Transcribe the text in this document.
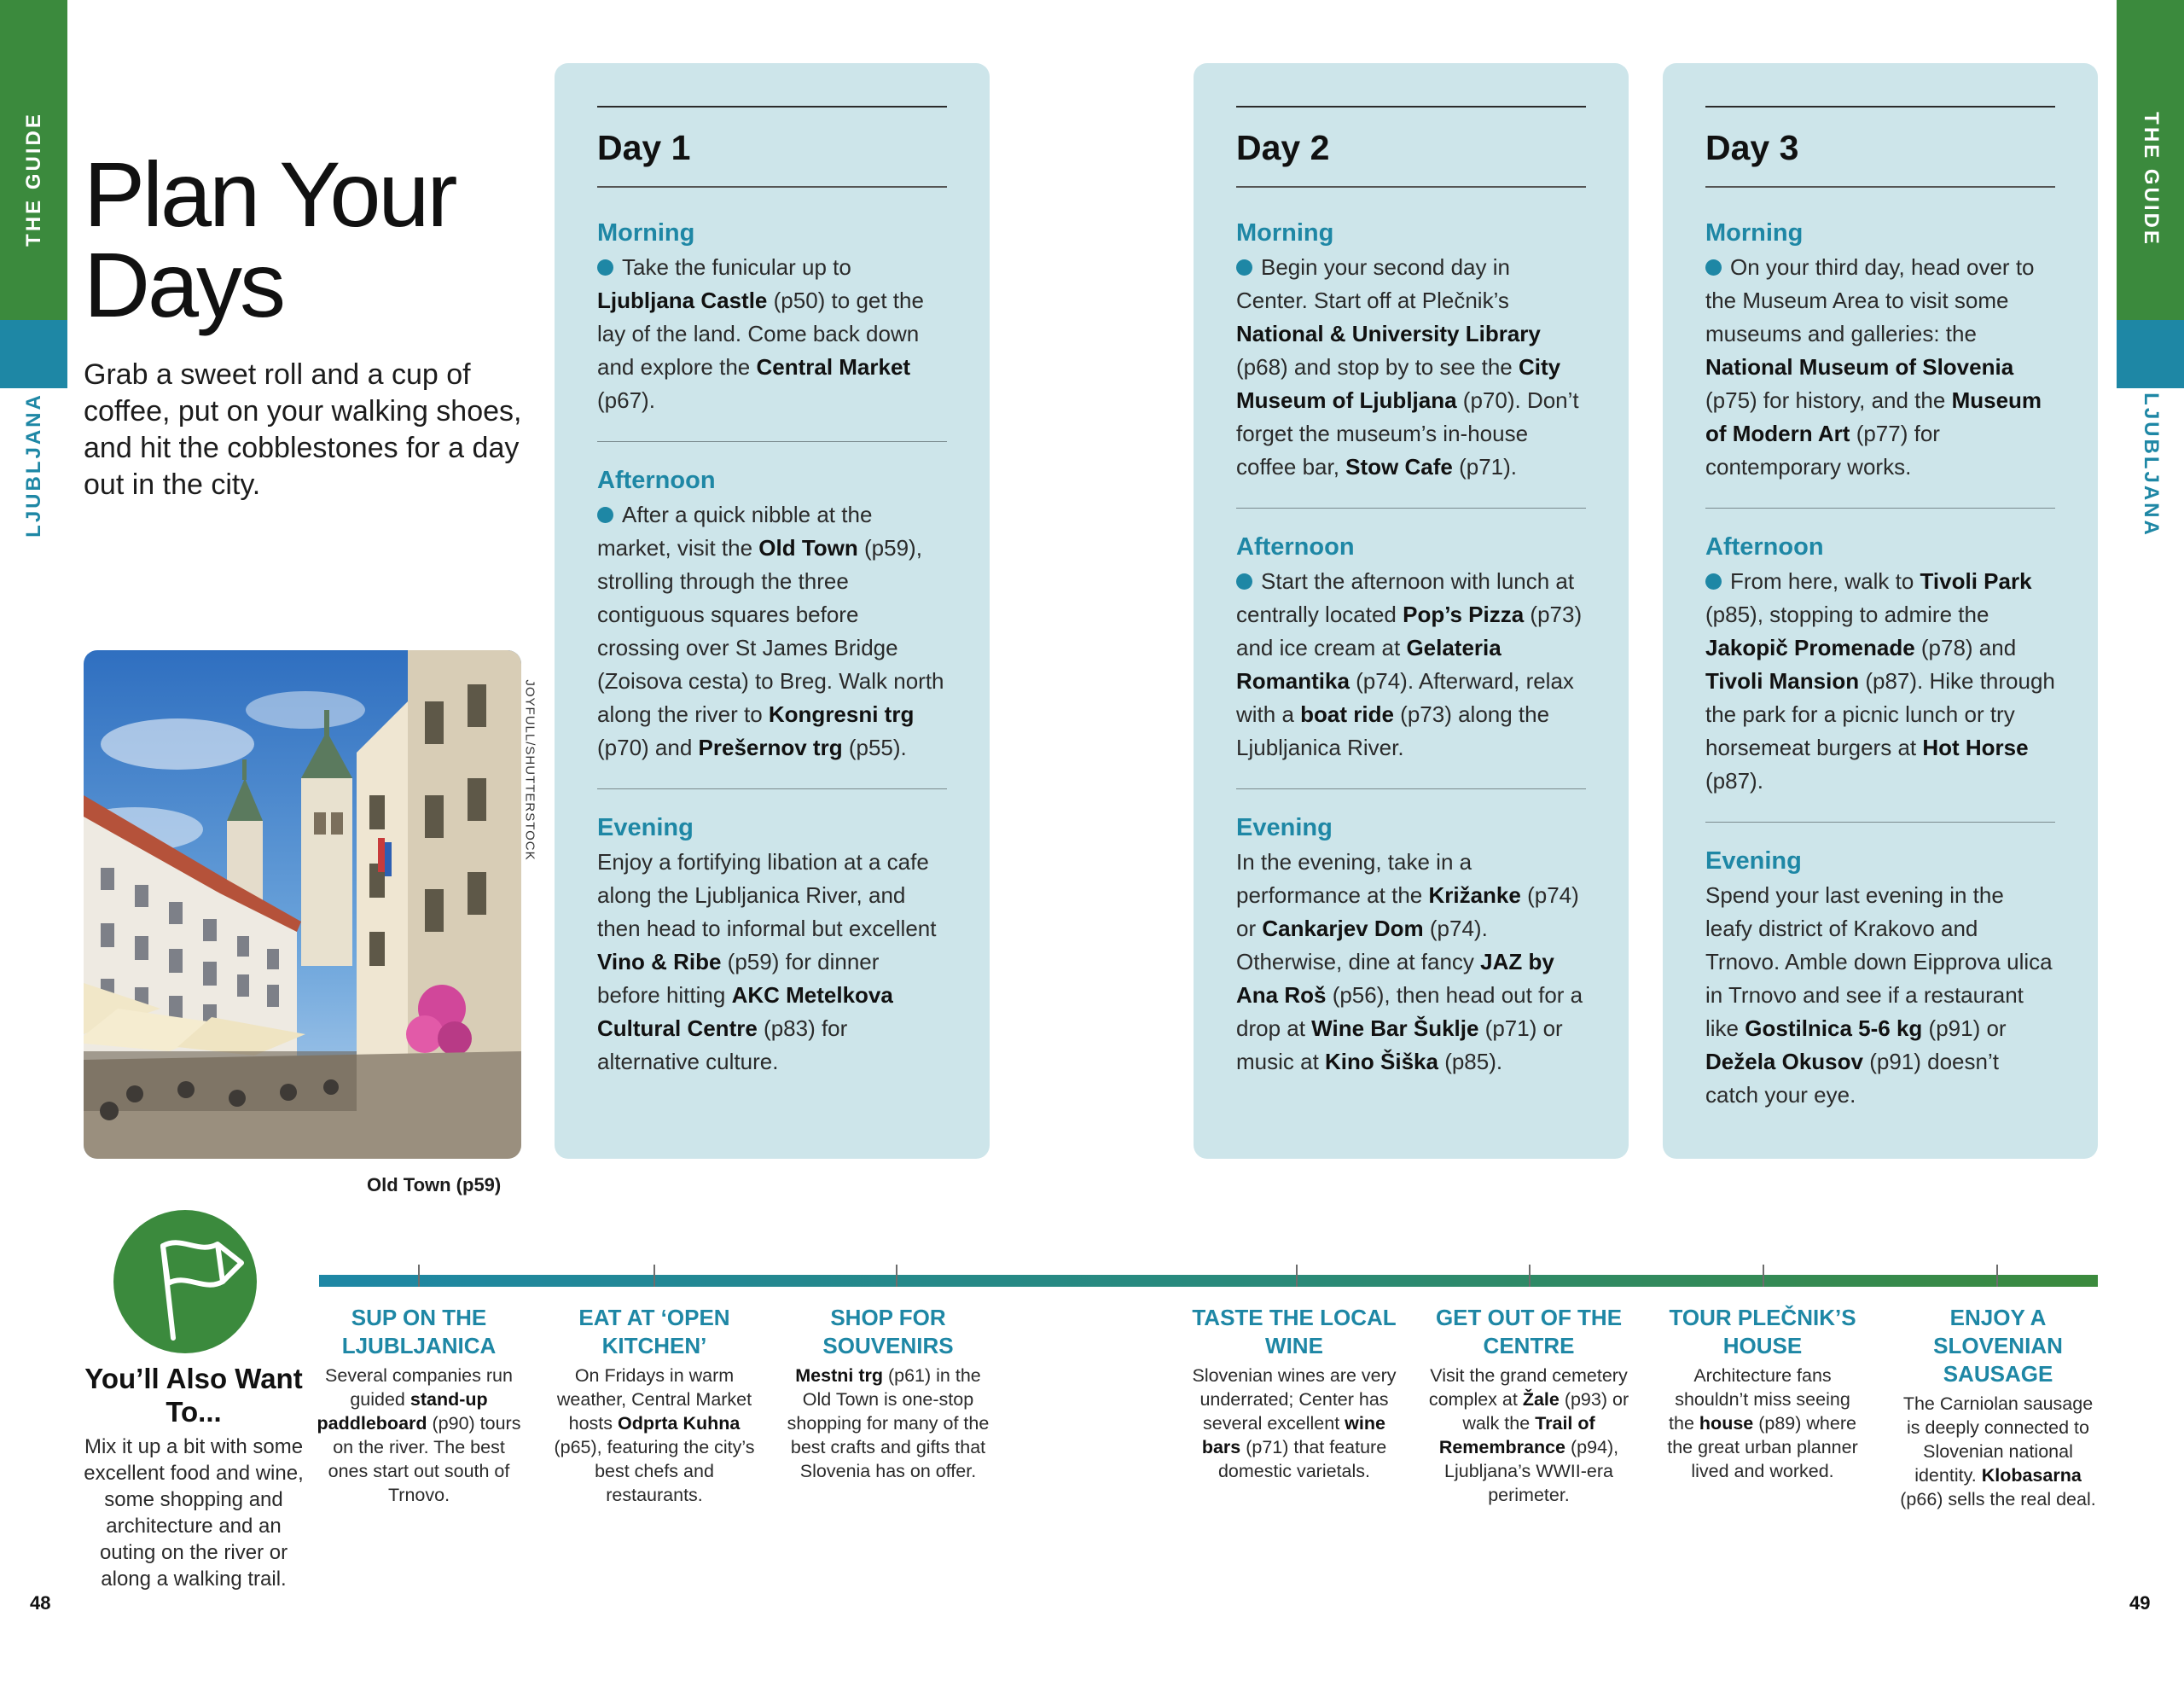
THE GUIDE
LJUBLJANA
THE GUIDE
LJUBLJANA
Plan Your
Days

Grab a sweet roll and a cup of coffee, put on your walking shoes, and hit the cobblestones for a day out in the city.

JOYFULL/SHUTTERSTOCK
Old Town (p59)
Day 1
Morning
Take the funicular up to Ljubljana Castle (p50) to get the lay of the land. Come back down and explore the Central Market (p67).
Afternoon
After a quick nibble at the market, visit the Old Town (p59), strolling through the three contiguous squares before crossing over St James Bridge (Zoisova cesta) to Breg. Walk north along the river to Kongresni trg (p70) and Prešernov trg (p55).
Evening
Enjoy a fortifying libation at a cafe along the Ljubljanica River, and then head to informal but excellent Vino & Ribe (p59) for dinner before hitting AKC Metelkova Cultural Centre (p83) for alternative culture.
Day 2
Morning
Begin your second day in Center. Start off at Plečnik’s National & University Library (p68) and stop by to see the City Museum of Ljubljana (p70). Don’t forget the museum’s in-house coffee bar, Stow Cafe (p71).
Afternoon
Start the afternoon with lunch at centrally located Pop’s Pizza (p73) and ice cream at Gelateria Romantika (p74). Afterward, relax with a boat ride (p73) along the Ljubljanica River.
Evening
In the evening, take in a performance at the Križanke (p74) or Cankarjev Dom (p74). Otherwise, dine at fancy JAZ by Ana Roš (p56), then head out for a drop at Wine Bar Šuklje (p71) or music at Kino Šiška (p85).
Day 3
Morning
On your third day, head over to the Museum Area to visit some museums and galleries: the National Museum of Slovenia (p75) for history, and the Museum of Modern Art (p77) for contemporary works.
Afternoon
From here, walk to Tivoli Park (p85), stopping to admire the Jakopič Promenade (p78) and Tivoli Mansion (p87). Hike through the park for a picnic lunch or try horsemeat burgers at Hot Horse (p87).
Evening
Spend your last evening in the leafy district of Krakovo and Trnovo. Amble down Eipprova ulica in Trnovo and see if a restaurant like Gostilnica 5-6 kg (p91) or Dežela Okusov (p91) doesn’t catch your eye.
You’ll Also Want To...
Mix it up a bit with some excellent food and wine, some shopping and architecture and an outing on the river or along a walking trail.
SUP ON THE LJUBLJANICA
Several companies run guided stand-up paddleboard (p90) tours on the river. The best ones start out south of Trnovo.
EAT AT ‘OPEN KITCHEN’
On Fridays in warm weather, Central Market hosts Odprta Kuhna (p65), featuring the city’s best chefs and restaurants.
SHOP FOR SOUVENIRS
Mestni trg (p61) in the Old Town is one-stop shopping for many of the best crafts and gifts that Slovenia has on offer.
TASTE THE LOCAL WINE
Slovenian wines are very underrated; Center has several excellent wine bars (p71) that feature domestic varietals.
GET OUT OF THE CENTRE
Visit the grand cemetery complex at Žale (p93) or walk the Trail of Remembrance (p94), Ljubljana’s WWII-era perimeter.
TOUR PLEČNIK’S HOUSE
Architecture fans shouldn’t miss seeing the house (p89) where the great urban planner lived and worked.
ENJOY A SLOVENIAN SAUSAGE
The Carniolan sausage is deeply connected to Slovenian national identity. Klobasarna (p66) sells the real deal.
48	49
